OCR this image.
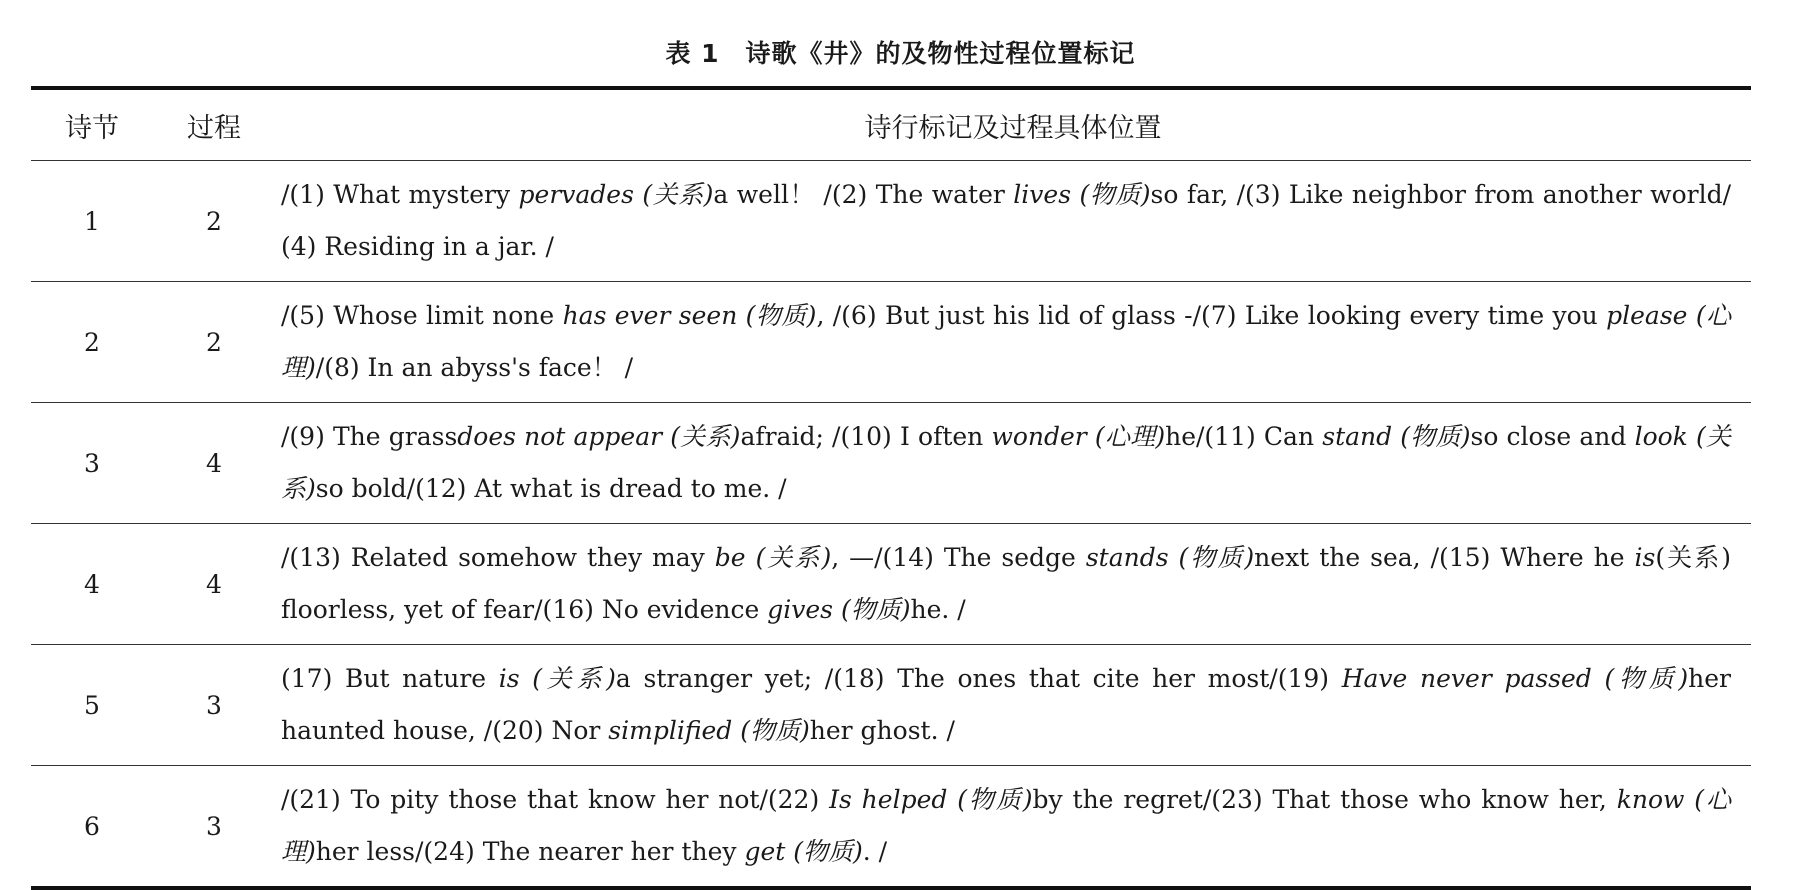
表 1　诗歌《井》的及物性过程位置标记
诗节	过程	诗行标记及过程具体位置
1	2	/(1) What mystery pervades (关系)a well！ /(2) The water lives (物质)so far, /(3) Like neighbor from another world/ (4) Residing in a jar. /
2	2	/(5) Whose limit none has ever seen (物质), /(6) But just his lid of glass -/(7) Like looking every time you please (心理)/(8) In an abyss's face！ /
3	4	/(9) The grassdoes not appear (关系)afraid; /(10) I often wonder (心理)he/(11) Can stand (物质)so close and look (关系)so bold/(12) At what is dread to me. /
4	4	/(13) Related somehow they may be (关系), —/(14) The sedge stands (物质)next the sea, /(15) Where he is(关系) floorless, yet of fear/(16) No evidence gives (物质)he. /
5	3	(17) But nature is (关系)a stranger yet; /(18) The ones that cite her most/(19) Have never passed (物质)her haunted house, /(20) Nor simplified (物质)her ghost. /
6	3	/(21) To pity those that know her not/(22) Is helped (物质)by the regret/(23) That those who know her, know (心理)her less/(24) The nearer her they get (物质). /
